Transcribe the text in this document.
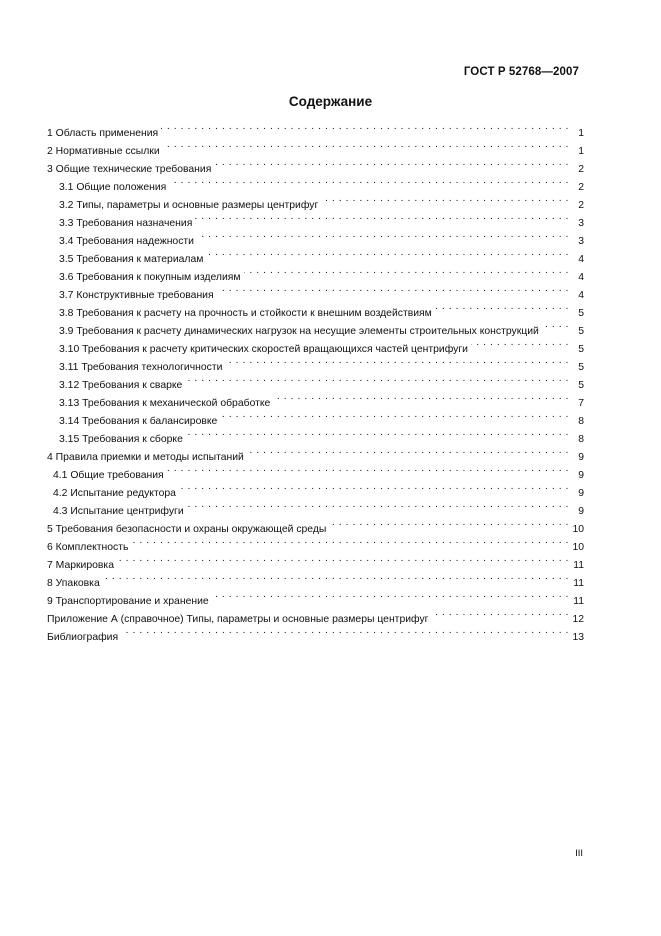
ГОСТ Р 52768—2007
Содержание
1 Область применения . . .	1
2 Нормативные ссылки . . .	1
3 Общие технические требования . . .	2
3.1 Общие положения . . .	2
3.2 Типы, параметры и основные размеры центрифуг . . .	2
3.3 Требования назначения . . .	3
3.4 Требования надежности . . .	3
3.5 Требования к материалам . . .	4
3.6 Требования к покупным изделиям . . .	4
3.7 Конструктивные требования . . .	4
3.8 Требования к расчету на прочность и стойкости к внешним воздействиям . . .	5
3.9 Требования к расчету динамических нагрузок на несущие элементы строительных конструкций . . .	5
3.10 Требования к расчету критических скоростей вращающихся частей центрифуги . . .	5
3.11 Требования технологичности . . .	5
3.12 Требования к сварке . . .	5
3.13 Требования к механической обработке . . .	7
3.14 Требования к балансировке . . .	8
3.15 Требования к сборке . . .	8
4 Правила приемки и методы испытаний . . .	9
4.1 Общие требования . . .	9
4.2 Испытание редуктора . . .	9
4.3 Испытание центрифуги . . .	9
5 Требования безопасности и охраны окружающей среды . . .	10
6 Комплектность . . .	10
7 Маркировка . . .	11
8 Упаковка . . .	11
9 Транспортирование и хранение . . .	11
Приложение А (справочное) Типы, параметры и основные размеры центрифуг . . .	12
Библиография . . .	13
III
